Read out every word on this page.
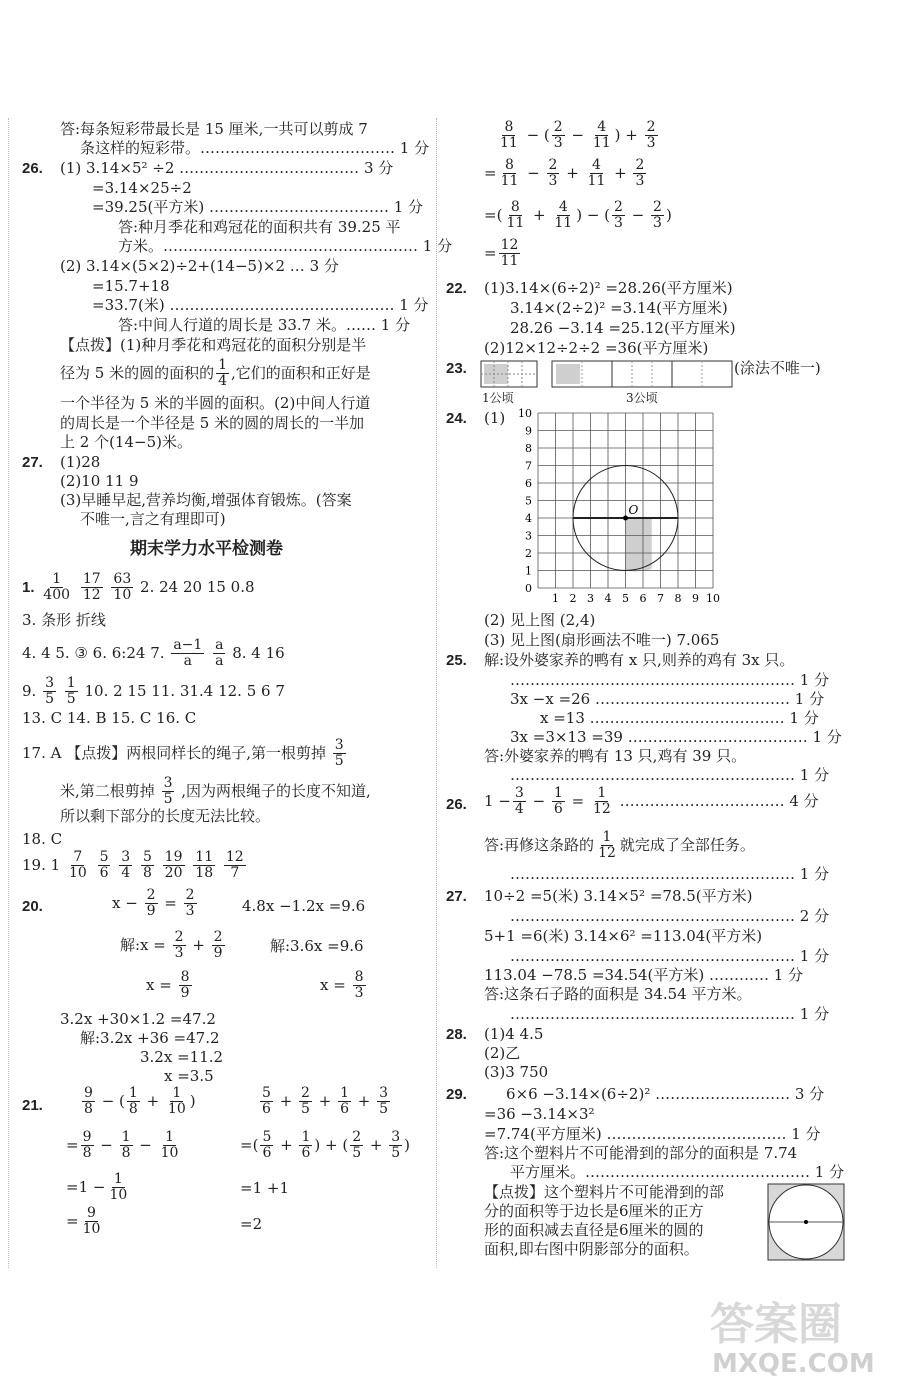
答:每条短彩带最长是 15 厘米,一共可以剪成 7
条这样的短彩带。………………………………… 1 分
26. (1) 3.14×5² ÷2 ……………………………… 3 分
=3.14×25÷2
=39.25(平方米) ……………………………… 1 分
答:种月季花和鸡冠花的面积共有 39.25 平
方米。…………………………………………… 1 分
(2) 3.14×(5×2)÷2+(14−5)×2 … 3 分
=15.7+18
=33.7(米) ……………………………………… 1 分
答:中间人行道的周长是 33.7 米。…… 1 分
【点拨】(1)种月季花和鸡冠花的面积分别是半
径为 5 米的圆的面积的 $\frac{1}{4}$ ,它们的面积和正好是
一个半径为 5 米的半圆的面积。(2)中间人行道
的周长是一个半径是 5 米的圆的周长的一半加
上 2 个(14−5)米。
27. (1)28
(2)10 11 9
(3)早睡早起,营养均衡,增强体育锻炼。(答案
不唯一,言之有理即可)
期末学力水平检测卷
1. $\frac{1}{400}$
$\frac{17}{12}$
$\frac{63}{10} 2$. 24 20 15 0.8
3. 条形 折线
4. 4 5. ③ 6. 6:24 7. $\frac{a-1}{a}$
$\frac{a}{a} 8$. 4 16
9. $\frac{3}{5}$
$\frac{1}{5} 10$. 2 15 11. 31.4 12. 5 6 7
13. C 14. B 15. C 16. C
17. A 【点拨】两根同样长的绳子,第一根剪掉 $\frac{3}{5}$
米,第二根剪掉 $\frac{3}{5}$ ,因为两根绳子的长度不知道,
所以剩下部分的长度无法比较。
18. C
19. $1 \frac{7}{10}$
$\frac{5}{6}$
$\frac{3}{4}$
$\frac{5}{8}$
$\frac{19}{20}$
$\frac{11}{18}$
$\frac{12}{7}$
20.	$x - \frac{2}{9} = \frac{2}{3}$	4.8x −1.2x =9.6
解:x = $\frac{2}{3} + \frac{2}{9}$	解:3.6x =9.6
$x = \frac{8}{9}$	$x = \frac{8}{3}$
3.2x +30×1.2 =47.2
解:3.2x +36 =47.2
3.2x =11.2
x =3.5
21.	$\frac{9}{8}$ − ( $\frac{1}{8} + \frac{1}{10}$ )	$\frac{5}{6} + \frac{2}{5} + \frac{1}{6} + \frac{3}{5}$
= $\frac{9}{8} - \frac{1}{8} - \frac{1}{10}$	=( $\frac{5}{6} + \frac{1}{6}$ ) + ( $\frac{2}{5} + \frac{3}{5}$ )
$=1 - \frac{1}{10}$	=1 +1
= $\frac{9}{10}$	=2
$\frac{8}{11}$ − ( $\frac{2}{3} - \frac{4}{11}$ ) + $\frac{2}{3}$
= $\frac{8}{11} - \frac{2}{3} + \frac{4}{11} + \frac{2}{3}$
=( $\frac{8}{11} + \frac{4}{11}$ ) − ( $\frac{2}{3} - \frac{2}{3}$ )
= $\frac{12}{11}$
22. (1)3.14×(6÷2)² =28.26(平方厘米)
3.14×(2÷2)² =3.14(平方厘米)
28.26 −3.14 =25.12(平方厘米)
(2)12×12÷2÷2 =36(平方厘米)
23.	(涂法不唯一)
1公顷	3公顷
24. (1) 10
9
8
7
6
5
4
3
2
1
0
1 2 3 4 5 6 7 8 9 10
O
(2) 见上图 (2,4)
(3) 见上图(扇形画法不唯一) 7.065
25. 解:设外婆家养的鸭有 x 只,则养的鸡有 3x 只。
………………………………………………… 1 分
3x −x =26 ………………………………… 1 分
x =13 ………………………………… 1 分
3x =3×13 =39 ……………………………… 1 分
答:外婆家养的鸭有 13 只,鸡有 39 只。
………………………………………………… 1 分
26. $1 - \frac{3}{4} - \frac{1}{6} = \frac{1}{12}$ …………………………… 4 分
答:再修这条路的 $\frac{1}{12}$ 就完成了全部任务。
………………………………………………… 1 分
27. 10÷2 =5(米) 3.14×5² =78.5(平方米)
………………………………………………… 2 分
5+1 =6(米) 3.14×6² =113.04(平方米)
………………………………………………… 1 分
113.04 −78.5 =34.54(平方米) ………… 1 分
答:这条石子路的面积是 34.54 平方米。
………………………………………………… 1 分
28. (1)4 4.5
(2)乙
(3)3 750
29.	6×6 −3.14×(6÷2)² ……………………… 3 分
=36 −3.14×3²
=7.74(平方厘米) ……………………………… 1 分
答:这个塑料片不可能滑到的部分的面积是 7.74
平方厘米。……………………………………… 1 分
【点拨】这个塑料片不可能滑到的部
分的面积等于边长是6厘米的正方
形的面积减去直径是6厘米的圆的
面积,即右图中阴影部分的面积。
答案圈
MXQE.COM
